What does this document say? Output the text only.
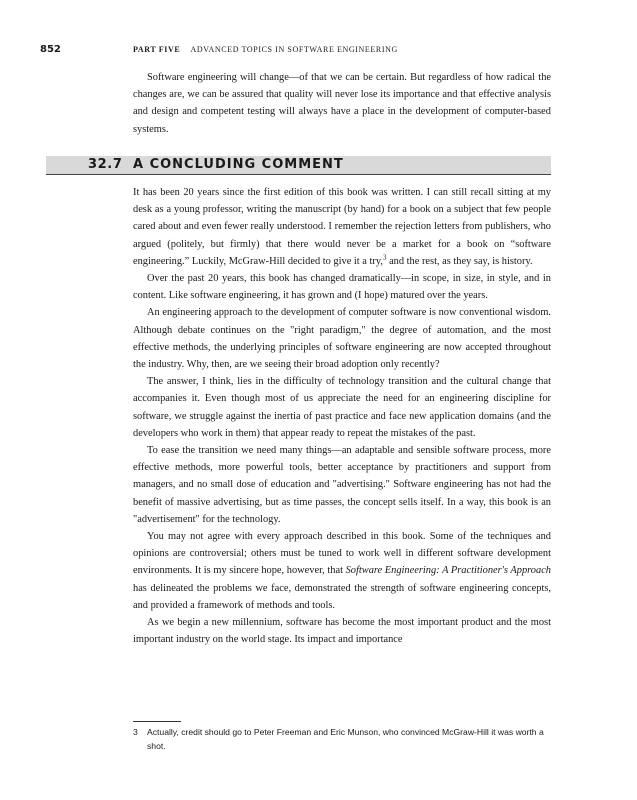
852	PART FIVE ADVANCED TOPICS IN SOFTWARE ENGINEERING

Software engineering will change—of that we can be certain. But regardless of how radical the changes are, we can be assured that quality will never lose its importance and that effective analysis and design and competent testing will always have a place in the development of computer-based systems.

32.7 A CONCLUDING COMMENT

It has been 20 years since the first edition of this book was written. I can still recall sitting at my desk as a young professor, writing the manuscript (by hand) for a book on a subject that few people cared about and even fewer really understood. I remember the rejection letters from publishers, who argued (politely, but firmly) that there would never be a market for a book on “software engineering.” Luckily, McGraw-Hill decided to give it a try,$^3$ and the rest, as they say, is history.

Over the past 20 years, this book has changed dramatically—in scope, in size, in style, and in content. Like software engineering, it has grown and (I hope) matured over the years.

An engineering approach to the development of computer software is now conventional wisdom. Although debate continues on the "right paradigm," the degree of automation, and the most effective methods, the underlying principles of software engineering are now accepted throughout the industry. Why, then, are we seeing their broad adoption only recently?

The answer, I think, lies in the difficulty of technology transition and the cultural change that accompanies it. Even though most of us appreciate the need for an engineering discipline for software, we struggle against the inertia of past practice and face new application domains (and the developers who work in them) that appear ready to repeat the mistakes of the past.

To ease the transition we need many things—an adaptable and sensible software process, more effective methods, more powerful tools, better acceptance by practitioners and support from managers, and no small dose of education and "advertising." Software engineering has not had the benefit of massive advertising, but as time passes, the concept sells itself. In a way, this book is an "advertisement" for the technology.

You may not agree with every approach described in this book. Some of the techniques and opinions are controversial; others must be tuned to work well in different software development environments. It is my sincere hope, however, that Software Engineering: A Practitioner's Approach has delineated the problems we face, demonstrated the strength of software engineering concepts, and provided a framework of methods and tools.

As we begin a new millennium, software has become the most important product and the most important industry on the world stage. Its impact and importance

3 Actually, credit should go to Peter Freeman and Eric Munson, who convinced McGraw-Hill it was worth a shot.
